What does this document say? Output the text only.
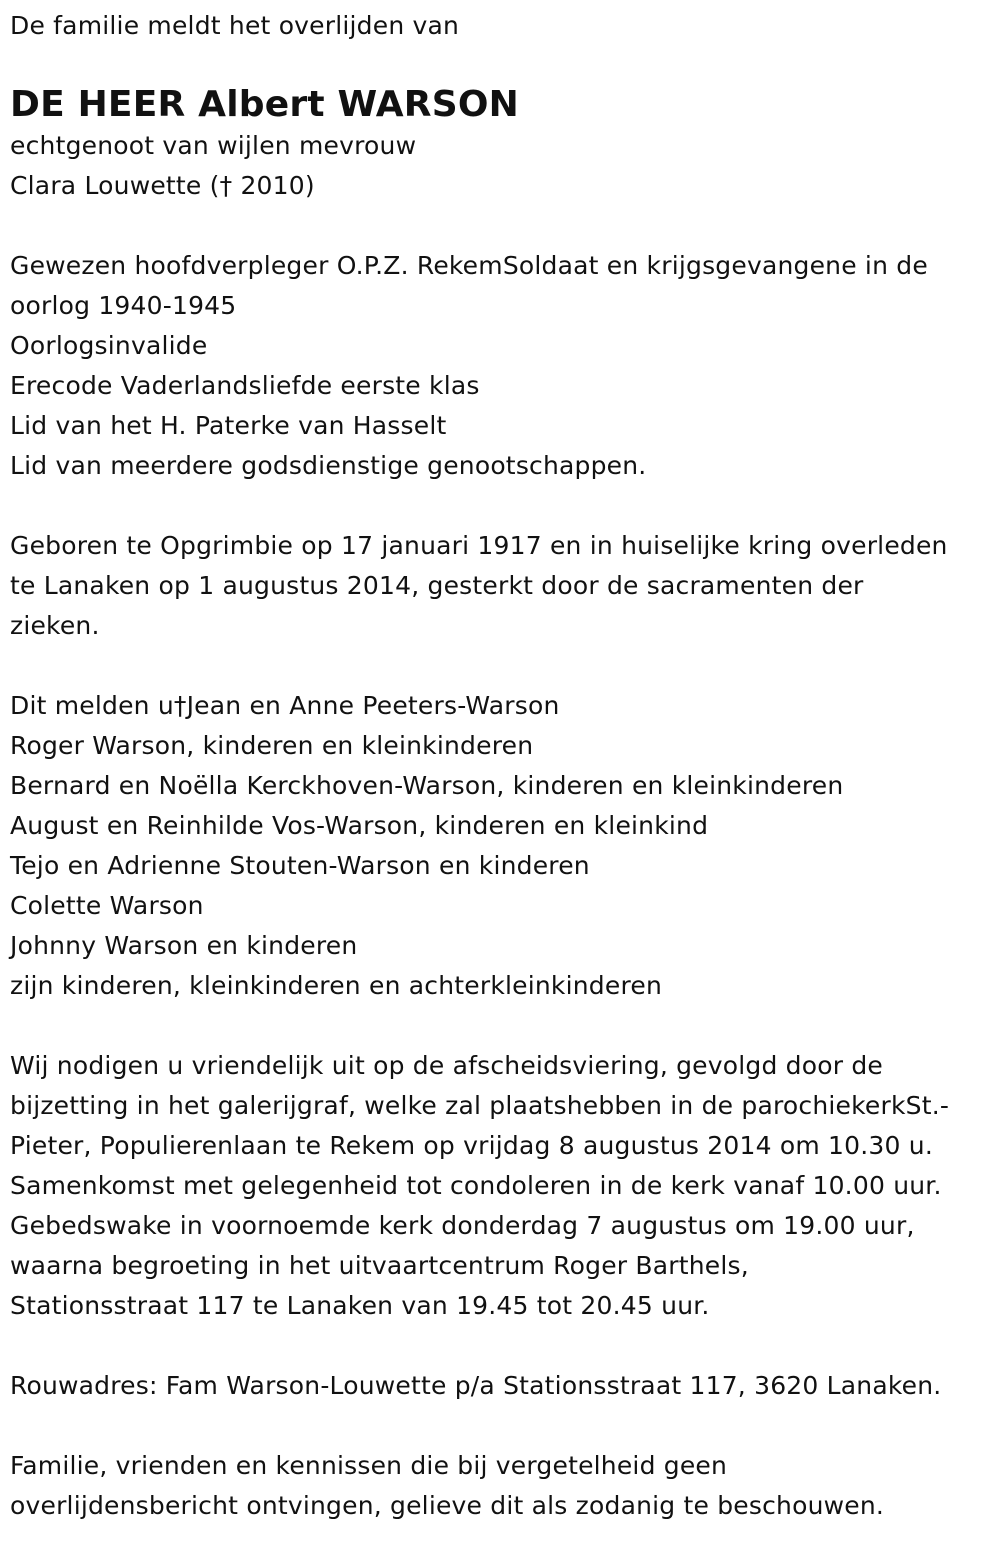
De familie meldt het overlijden van
DE HEER Albert WARSON
echtgenoot van wijlen mevrouw
Clara Louwette († 2010)
Gewezen hoofdverpleger O.P.Z. RekemSoldaat en krijgsgevangene in de
oorlog 1940-1945
Oorlogsinvalide
Erecode Vaderlandsliefde eerste klas
Lid van het H. Paterke van Hasselt
Lid van meerdere godsdienstige genootschappen.
Geboren te Opgrimbie op 17 januari 1917 en in huiselijke kring overleden
te Lanaken op 1 augustus 2014, gesterkt door de sacramenten der
zieken.
Dit melden u†Jean en Anne Peeters-Warson
Roger Warson, kinderen en kleinkinderen
Bernard en Noëlla Kerckhoven-Warson, kinderen en kleinkinderen
August en Reinhilde Vos-Warson, kinderen en kleinkind
Tejo en Adrienne Stouten-Warson en kinderen
Colette Warson
Johnny Warson en kinderen
zijn kinderen, kleinkinderen en achterkleinkinderen
Wij nodigen u vriendelijk uit op de afscheidsviering, gevolgd door de
bijzetting in het galerijgraf, welke zal plaatshebben in de parochiekerkSt.-
Pieter, Populierenlaan te Rekem op vrijdag 8 augustus 2014 om 10.30 u.
Samenkomst met gelegenheid tot condoleren in de kerk vanaf 10.00 uur.
Gebedswake in voornoemde kerk donderdag 7 augustus om 19.00 uur,
waarna begroeting in het uitvaartcentrum Roger Barthels,
Stationsstraat 117 te Lanaken van 19.45 tot 20.45 uur.
Rouwadres: Fam Warson-Louwette p/a Stationsstraat 117, 3620 Lanaken.
Familie, vrienden en kennissen die bij vergetelheid geen
overlijdensbericht ontvingen, gelieve dit als zodanig te beschouwen.
